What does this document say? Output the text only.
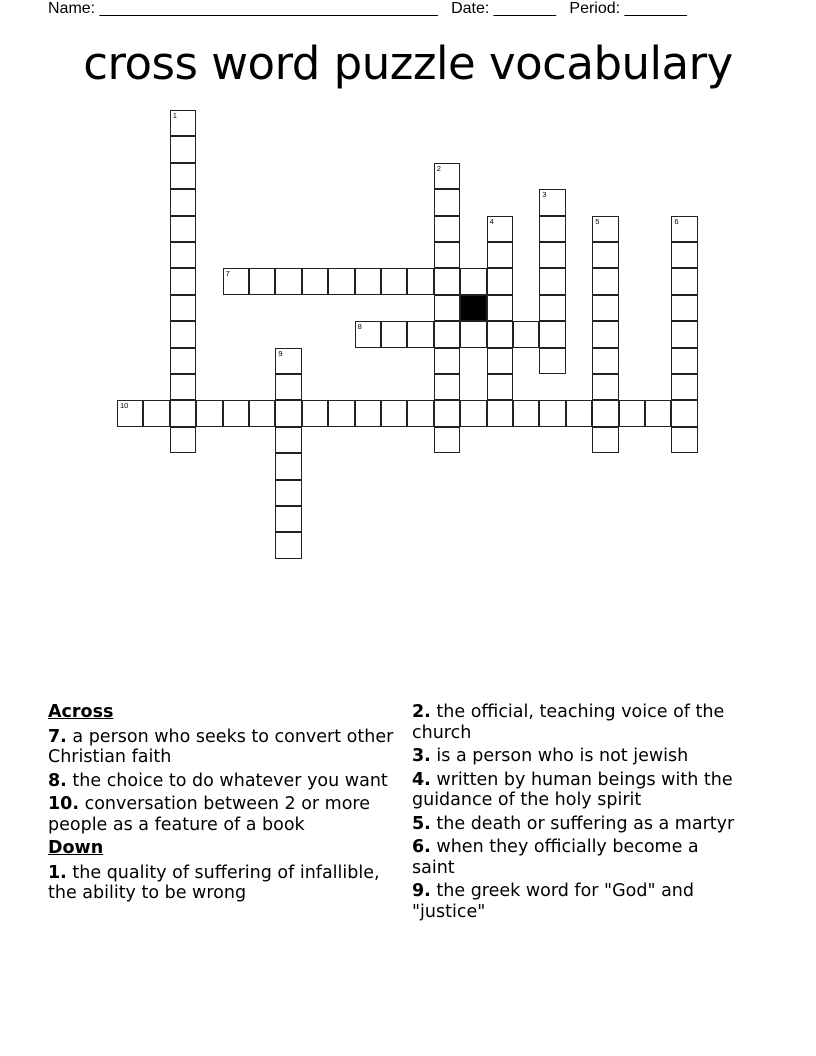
Name: ______________________________________ Date: _______ Period: _______
cross word puzzle vocabulary
1
2
3
4	5	6
7
8
9
10
Across
7. a person who seeks to convert other Christian faith
8. the choice to do whatever you want
10. conversation between 2 or more people as a feature of a book
Down
1. the quality of suffering of infallible, the ability to be wrong
2. the official, teaching voice of the church
3. is a person who is not jewish
4. written by human beings with the guidance of the holy spirit
5. the death or suffering as a martyr
6. when they officially become a saint
9. the greek word for "God" and "justice"
